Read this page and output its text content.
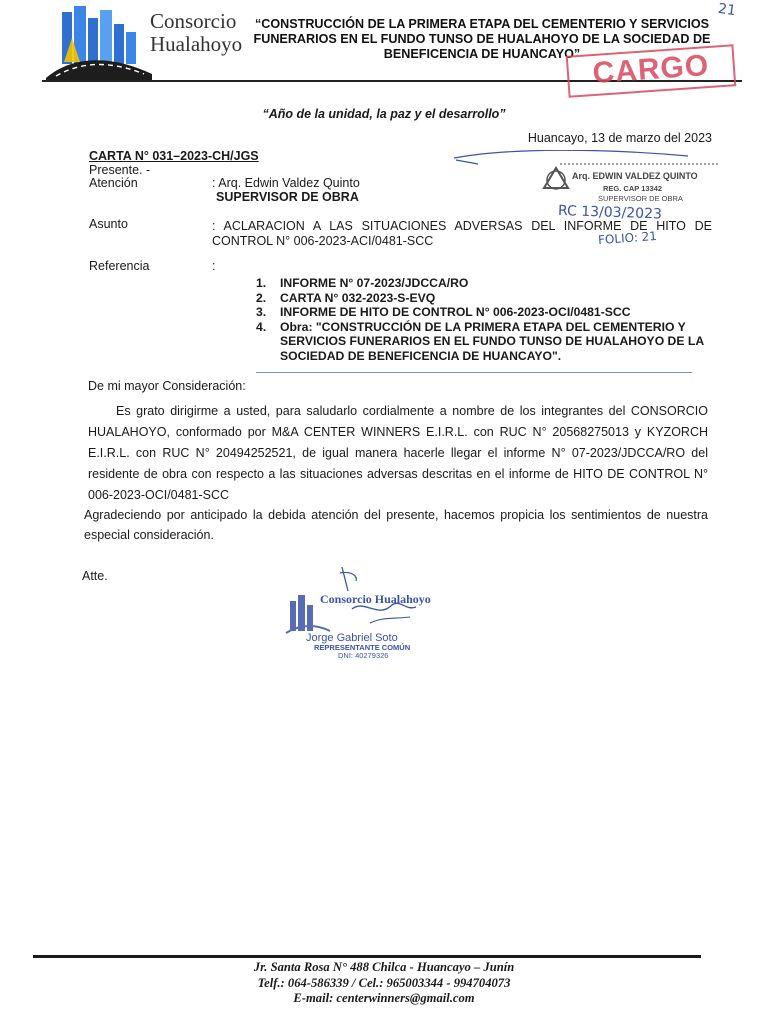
21
Consorcio
Hualahoyo
“CONSTRUCCIÓN DE LA PRIMERA ETAPA DEL CEMENTERIO Y SERVICIOS FUNERARIOS EN EL FUNDO TUNSO DE HUALAHOYO DE LA SOCIEDAD DE BENEFICENCIA DE HUANCAYO” CARGO
“Año de la unidad, la paz y el desarrollo”
Huancayo, 13 de marzo del 2023
CARTA N° 031–2023-CH/JGS
Presente. -
Atención	: Arq. Edwin Valdez Quinto
SUPERVISOR DE OBRA
Asunto	: ACLARACION A LAS SITUACIONES ADVERSAS DEL INFORME DE HITO DE CONTROL N° 006-2023-ACI/0481-SCC
Referencia	:
1.	INFORME N° 07-2023/JDCCA/RO
2.	CARTA N° 032-2023-S-EVQ
3.	INFORME DE HITO DE CONTROL N° 006-2023-OCI/0481-SCC
4.	Obra: "CONSTRUCCIÓN DE LA PRIMERA ETAPA DEL CEMENTERIO Y SERVICIOS FUNERARIOS EN EL FUNDO TUNSO DE HUALAHOYO DE LA SOCIEDAD DE BENEFICENCIA DE HUANCAYO".
De mi mayor Consideración:
Es grato dirigirme a usted, para saludarlo cordialmente a nombre de los integrantes del CONSORCIO HUALAHOYO, conformado por M&A CENTER WINNERS E.I.R.L. con RUC N° 20568275013 y KYZORCH E.I.R.L. con RUC N° 20494252521, de igual manera hacerle llegar el informe N° 07-2023/JDCCA/RO del residente de obra con respecto a las situaciones adversas descritas en el informe de HITO DE CONTROL N° 006-2023-OCI/0481-SCC
Agradeciendo por anticipado la debida atención del presente, hacemos propicia los sentimientos de nuestra especial consideración.
Atte.
Arq. EDWIN VALDEZ QUINTO
REG. CAP 13342
SUPERVISOR DE OBRA
RC 13/03/2023
FOLIO: 21
Consorcio Hualahoyo
Jorge Gabriel Soto
REPRESENTANTE COMÚN
DNI: 40279326
Jr. Santa Rosa N° 488 Chilca - Huancayo – Junín
Telf.: 064-586339 / Cel.: 965003344 - 994704073
E-mail: centerwinners@gmail.com
